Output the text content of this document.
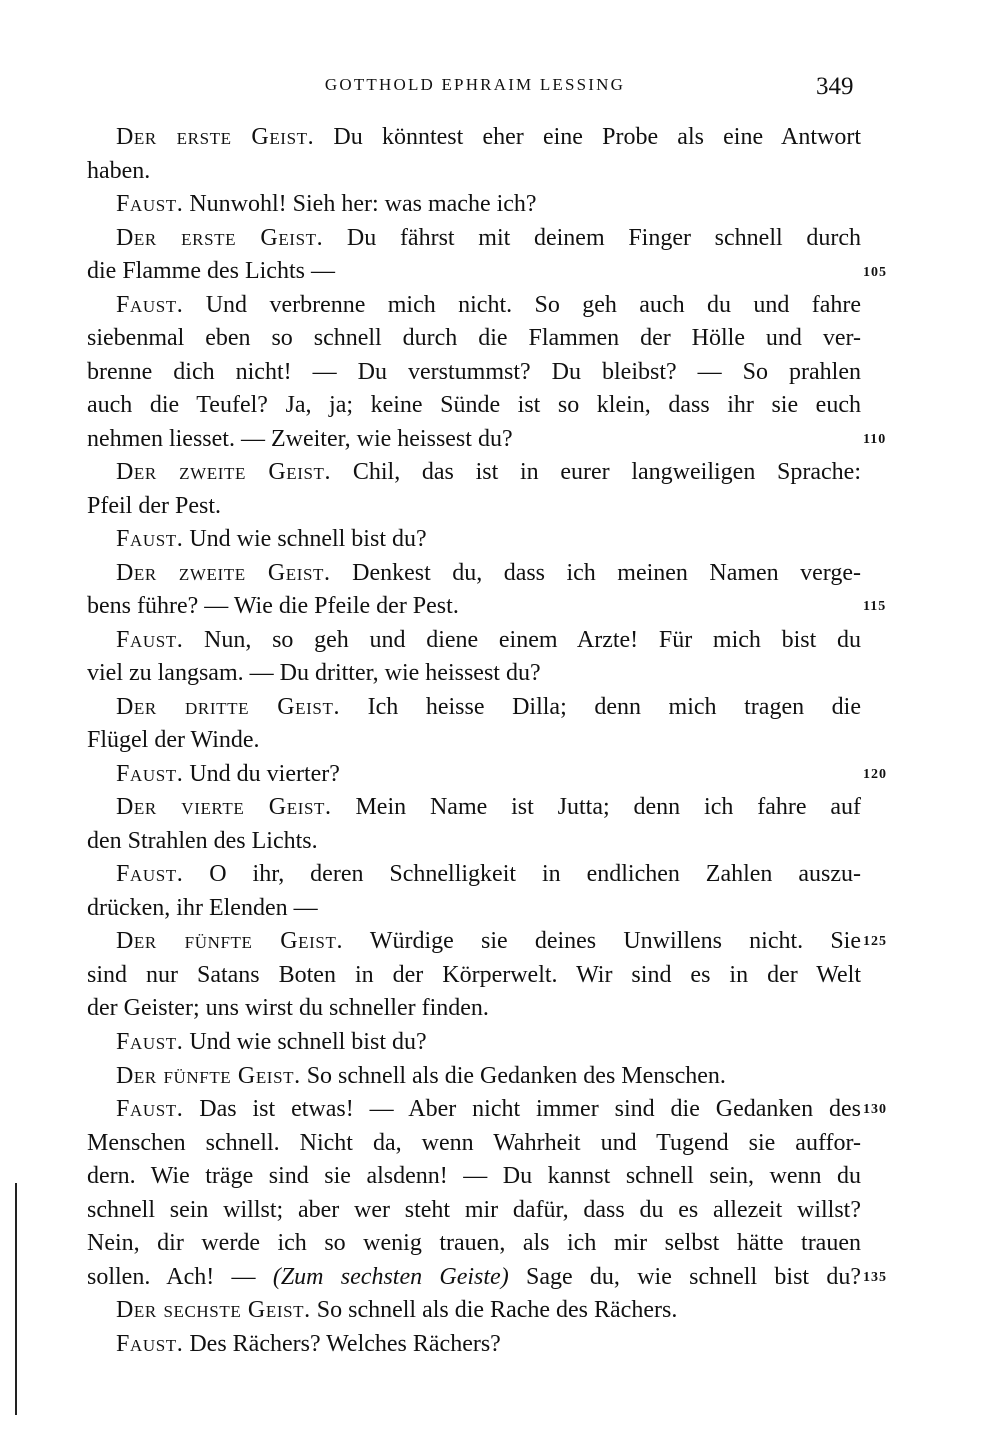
GOTTHOLD EPHRAIM LESSING	349
Der erste Geist. Du könntest eher eine Probe als eine Antwort
haben.
Faust. Nunwohl! Sieh her: was mache ich?
Der erste Geist. Du fährst mit deinem Finger schnell durch
die Flamme des Lichts —
Faust. Und verbrenne mich nicht. So geh auch du und fahre
siebenmal eben so schnell durch die Flammen der Hölle und ver-
brenne dich nicht! — Du verstummst? Du bleibst? — So prahlen
auch die Teufel? Ja, ja; keine Sünde ist so klein, dass ihr sie euch
nehmen liesset. — Zweiter, wie heissest du?
Der zweite Geist. Chil, das ist in eurer langweiligen Sprache:
Pfeil der Pest.
Faust. Und wie schnell bist du?
Der zweite Geist. Denkest du, dass ich meinen Namen verge-
bens führe? — Wie die Pfeile der Pest.
Faust. Nun, so geh und diene einem Arzte! Für mich bist du
viel zu langsam. — Du dritter, wie heissest du?
Der dritte Geist. Ich heisse Dilla; denn mich tragen die
Flügel der Winde.
Faust. Und du vierter?
Der vierte Geist. Mein Name ist Jutta; denn ich fahre auf
den Strahlen des Lichts.
Faust. O ihr, deren Schnelligkeit in endlichen Zahlen auszu-
drücken, ihr Elenden —
Der fünfte Geist. Würdige sie deines Unwillens nicht. Sie
sind nur Satans Boten in der Körperwelt. Wir sind es in der Welt
der Geister; uns wirst du schneller finden.
Faust. Und wie schnell bist du?
Der fünfte Geist. So schnell als die Gedanken des Menschen.
Faust. Das ist etwas! — Aber nicht immer sind die Gedanken des
Menschen schnell. Nicht da, wenn Wahrheit und Tugend sie auffor-
dern. Wie träge sind sie alsdenn! — Du kannst schnell sein, wenn du
schnell sein willst; aber wer steht mir dafür, dass du es allezeit willst?
Nein, dir werde ich so wenig trauen, als ich mir selbst hätte trauen
sollen. Ach! — (Zum sechsten Geiste) Sage du, wie schnell bist du?
Der sechste Geist. So schnell als die Rache des Rächers.
Faust. Des Rächers? Welches Rächers?
105
110
115
120
125
130
135
